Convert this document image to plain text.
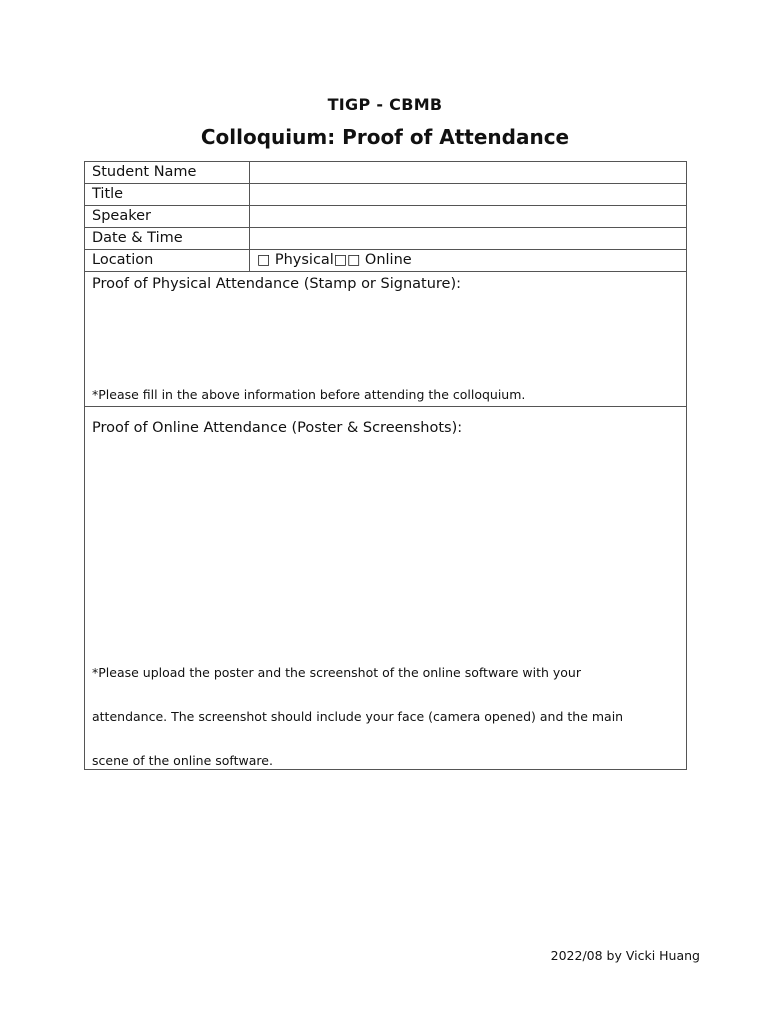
TIGP - CBMB
Colloquium: Proof of Attendance
Student Name	
Title	
Speaker	
Date & Time	
Location	□ Physical□□ Online

Proof of Physical Attendance (Stamp or Signature):
*Please fill in the above information before attending the colloquium.	

Proof of Online Attendance (Poster & Screenshots):
*Please upload the poster and the screenshot of the online software with your
attendance. The screenshot should include your face (camera opened) and the main
scene of the online software.	
2022/08 by Vicki Huang
